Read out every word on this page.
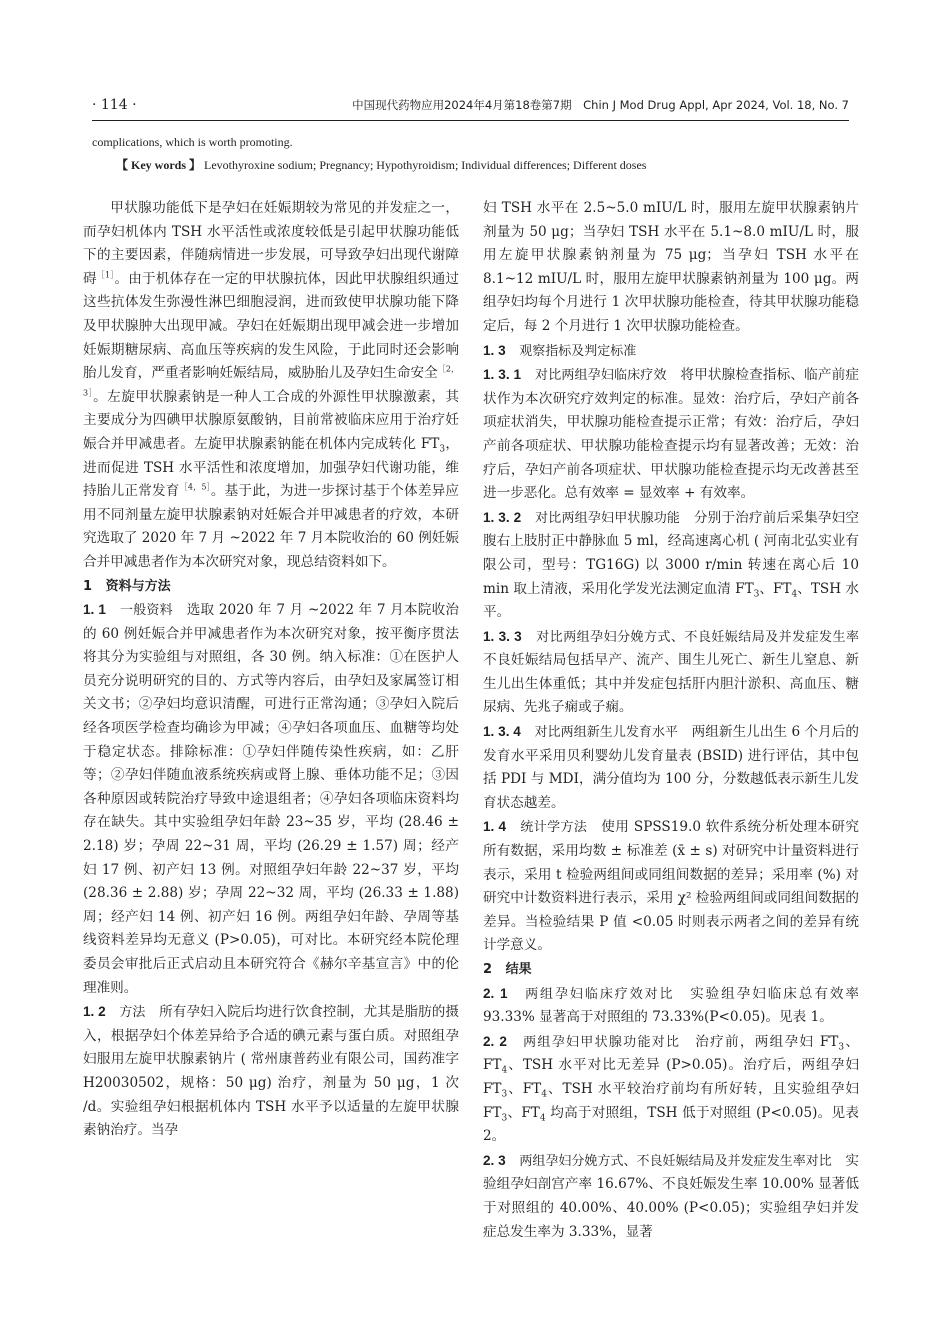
· 114 ·	中国现代药物应用2024年4月第18卷第7期　Chin J Mod Drug Appl, Apr 2024, Vol. 18, No. 7
complications, which is worth promoting.
【 Key words 】 Levothyroxine sodium; Pregnancy; Hypothyroidism; Individual differences; Different doses

甲状腺功能低下是孕妇在妊娠期较为常见的并发症之一，而孕妇机体内 TSH 水平活性或浓度较低是引起甲状腺功能低下的主要因素，伴随病情进一步发展，可导致孕妇出现代谢障碍$^{[1]}$。由于机体存在一定的甲状腺抗体，因此甲状腺组织通过这些抗体发生弥漫性淋巴细胞浸润，进而致使甲状腺功能下降及甲状腺肿大出现甲减。孕妇在妊娠期出现甲减会进一步增加妊娠期糖尿病、高血压等疾病的发生风险，于此同时还会影响胎儿发育，严重者影响妊娠结局，威胁胎儿及孕妇生命安全$^{[2,3]}$。左旋甲状腺素钠是一种人工合成的外源性甲状腺激素，其主要成分为四碘甲状腺原氨酸钠，目前常被临床应用于治疗妊娠合并甲减患者。左旋甲状腺素钠能在机体内完成转化 $FT_3$，进而促进 TSH 水平活性和浓度增加，加强孕妇代谢功能，维持胎儿正常发育$^{[4,5]}$。基于此，为进一步探讨基于个体差异应用不同剂量左旋甲状腺素钠对妊娠合并甲减患者的疗效，本研究选取了 2020 年 7 月 ~2022 年 7 月本院收治的 60 例妊娠合并甲减患者作为本次研究对象，现总结资料如下。

1　 资料与方法

1. 1　 一般资料　 选取 2020 年 7 月 ~2022 年 7 月本院收治的 60 例妊娠合并甲减患者作为本次研究对象，按平衡序贯法将其分为实验组与对照组，各 30 例。纳入标准：①在医护人员充分说明研究的目的、方式等内容后，由孕妇及家属签订相关文书；②孕妇均意识清醒，可进行正常沟通；③孕妇入院后经各项医学检查均确诊为甲减；④孕妇各项血压、血糖等均处于稳定状态。排除标准：①孕妇伴随传染性疾病，如：乙肝等；②孕妇伴随血液系统疾病或肾上腺、垂体功能不足；③因各种原因或转院治疗导致中途退组者；④孕妇各项临床资料均存在缺失。其中实验组孕妇年龄 23~35 岁，平均 (28.46 ± 2.18) 岁；孕周 22~31 周，平均 (26.29 ± 1.57) 周；经产妇 17 例、初产妇 13 例。对照组孕妇年龄 22~37 岁，平均 (28.36 ± 2.88) 岁；孕周 22~32 周，平均 (26.33 ± 1.88) 周；经产妇 14 例、初产妇 16 例。两组孕妇年龄、孕周等基线资料差异均无意义 (P>0.05)，可对比。本研究经本院伦理委员会审批后正式启动且本研究符合《赫尔辛基宣言》中的伦理准则。

1. 2　 方法　 所有孕妇入院后均进行饮食控制，尤其是脂肪的摄入，根据孕妇个体差异给予合适的碘元素与蛋白质。对照组孕妇服用左旋甲状腺素钠片 ( 常州康普药业有限公司，国药准字 H20030502，规格：50 μg) 治疗，剂量为 50 μg，1 次 /d。实验组孕妇根据机体内 TSH 水平予以适量的左旋甲状腺素钠治疗。当孕

妇 TSH 水平在 2.5~5.0 mIU/L 时，服用左旋甲状腺素钠片剂量为 50 μg；当孕妇 TSH 水平在 5.1~8.0 mIU/L 时，服用左旋甲状腺素钠剂量为 75 μg；当孕妇 TSH 水平在 8.1~12 mIU/L 时，服用左旋甲状腺素钠剂量为 100 μg。两组孕妇均每个月进行 1 次甲状腺功能检查，待其甲状腺功能稳定后，每 2 个月进行 1 次甲状腺功能检查。

1. 3　 观察指标及判定标准

1. 3. 1　 对比两组孕妇临床疗效　 将甲状腺检查指标、临产前症状作为本次研究疗效判定的标准。显效：治疗后，孕妇产前各项症状消失，甲状腺功能检查提示正常；有效：治疗后，孕妇产前各项症状、甲状腺功能检查提示均有显著改善；无效：治疗后，孕妇产前各项症状、甲状腺功能检查提示均无改善甚至进一步恶化。总有效率 = 显效率 + 有效率。

1. 3. 2　 对比两组孕妇甲状腺功能　 分别于治疗前后采集孕妇空腹右上肢肘正中静脉血 5 ml，经高速离心机 ( 河南北弘实业有限公司，型号：TG16G) 以 3000 r/min 转速在离心后 10 min 取上清液，采用化学发光法测定血清 $FT_3$、$FT_4$、TSH 水平。

1. 3. 3　 对比两组孕妇分娩方式、不良妊娠结局及并发症发生率　不良妊娠结局包括早产、流产、围生儿死亡、新生儿窒息、新生儿出生体重低；其中并发症包括肝内胆汁淤积、高血压、糖尿病、先兆子痫或子痫。

1. 3. 4　 对比两组新生儿发育水平　 两组新生儿出生 6 个月后的发育水平采用贝利婴幼儿发育量表 (BSID) 进行评估，其中包括 PDI 与 MDI，满分值均为 100 分，分数越低表示新生儿发育状态越差。

1. 4　 统计学方法　 使用 SPSS19.0 软件系统分析处理本研究所有数据，采用均数 ± 标准差 (x̄ ± s) 对研究中计量资料进行表示，采用 t 检验两组间或同组间数据的差异；采用率 (%) 对研究中计数资料进行表示，采用 χ² 检验两组间或同组间数据的差异。当检验结果 P 值 <0.05 时则表示两者之间的差异有统计学意义。

2　 结果

2. 1　 两组孕妇临床疗效对比　 实验组孕妇临床总有效率 93.33% 显著高于对照组的 73.33%(P<0.05)。见表 1。

2. 2　 两组孕妇甲状腺功能对比　 治疗前，两组孕妇 $FT_3$、$FT_4$、TSH 水平对比无差异 (P>0.05)。治疗后，两组孕妇 $FT_3$、$FT_4$、TSH 水平较治疗前均有所好转，且实验组孕妇 $FT_3$、$FT_4$ 均高于对照组，TSH 低于对照组 (P<0.05)。见表 2。

2. 3　 两组孕妇分娩方式、不良妊娠结局及并发症发生率对比　 实验组孕妇剖宫产率 16.67%、不良妊娠发生率 10.00% 显著低于对照组的 40.00%、40.00% (P<0.05)；实验组孕妇并发症总发生率为 3.33%，显著
